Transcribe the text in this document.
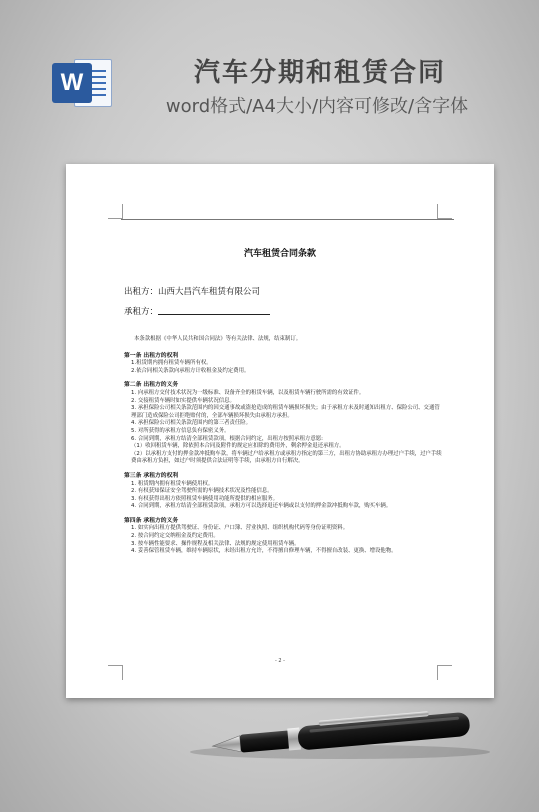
W	汽车分期和租赁合同
word格式/A4大小/内容可修改/含字体
汽车租赁合同条款
出租方：山西大昌汽车租赁有限公司
承租方：

本条款根据《中华人民共和国合同法》等有关法律、法规，结束制订。

第一条 出租方的权利

1.租赁期内拥有租赁车辆所有权。

2.依合同相关条款向承租方计收租金及约定费用。

第二条 出租方的义务

1. 向承租方交付技术状况为一级标准、设备齐全的租赁车辆，以及租赁车辆行驶所需的有效证件。

2. 交接租赁车辆时如实提供车辆状况信息。

3. 承担保险公司相关条款范围内的因交通事故或盗抢造成的租赁车辆损坏损失；由于承租方未及时通知出租方、保险公司、交通管理部门造成保险公司拒绝赔付的，全部车辆损坏损失由承租方承担。

4. 承担保险公司相关条款范围内的第三者责任险。

5. 对所获得的承租方信息负有保密义务。

6. 合同到期，承租方结清全部租赁款项，根据合同约定，出租方按照承租方意愿:

（1）收回租赁车辆，除依照本合同及附件的规定应扣除的费用外，剩余押金退还承租方。

（2）以承租方支付的押金款冲抵购车款，将车辆过户给承租方或承租方指定的第三方，出租方协助承租方办理过户手续，过户手续费由承租方负担，如过户时须提供合法证明等手续，由承租方自行解决。

第三条 承租方的权利

1. 租赁期内拥有租赁车辆使用权。

2. 有权获知保证安全驾驶所需的车辆技术状况及性能信息。

3. 有权获得出租方依照租赁车辆使用功能所提供的相应服务。

4. 合同到期，承租方结清全部租赁款项，承租方可以选择退还车辆或以支付的押金款冲抵购车款，购买车辆。

第四条 承租方的义务

1. 如实向出租方提供驾驶证、身份证、户口簿、营业执照、组织机构代码等身份证明资料。

2. 按合同约定交纳租金及约定费用。

3. 按车辆性能要求、操作规程及相关法律、法规的规定使用租赁车辆。

4. 妥善保管租赁车辆，维持车辆原状，未经出租方允许，不得擅自修理车辆，不得擅自改装、更换、增设他物。

- 2 -
